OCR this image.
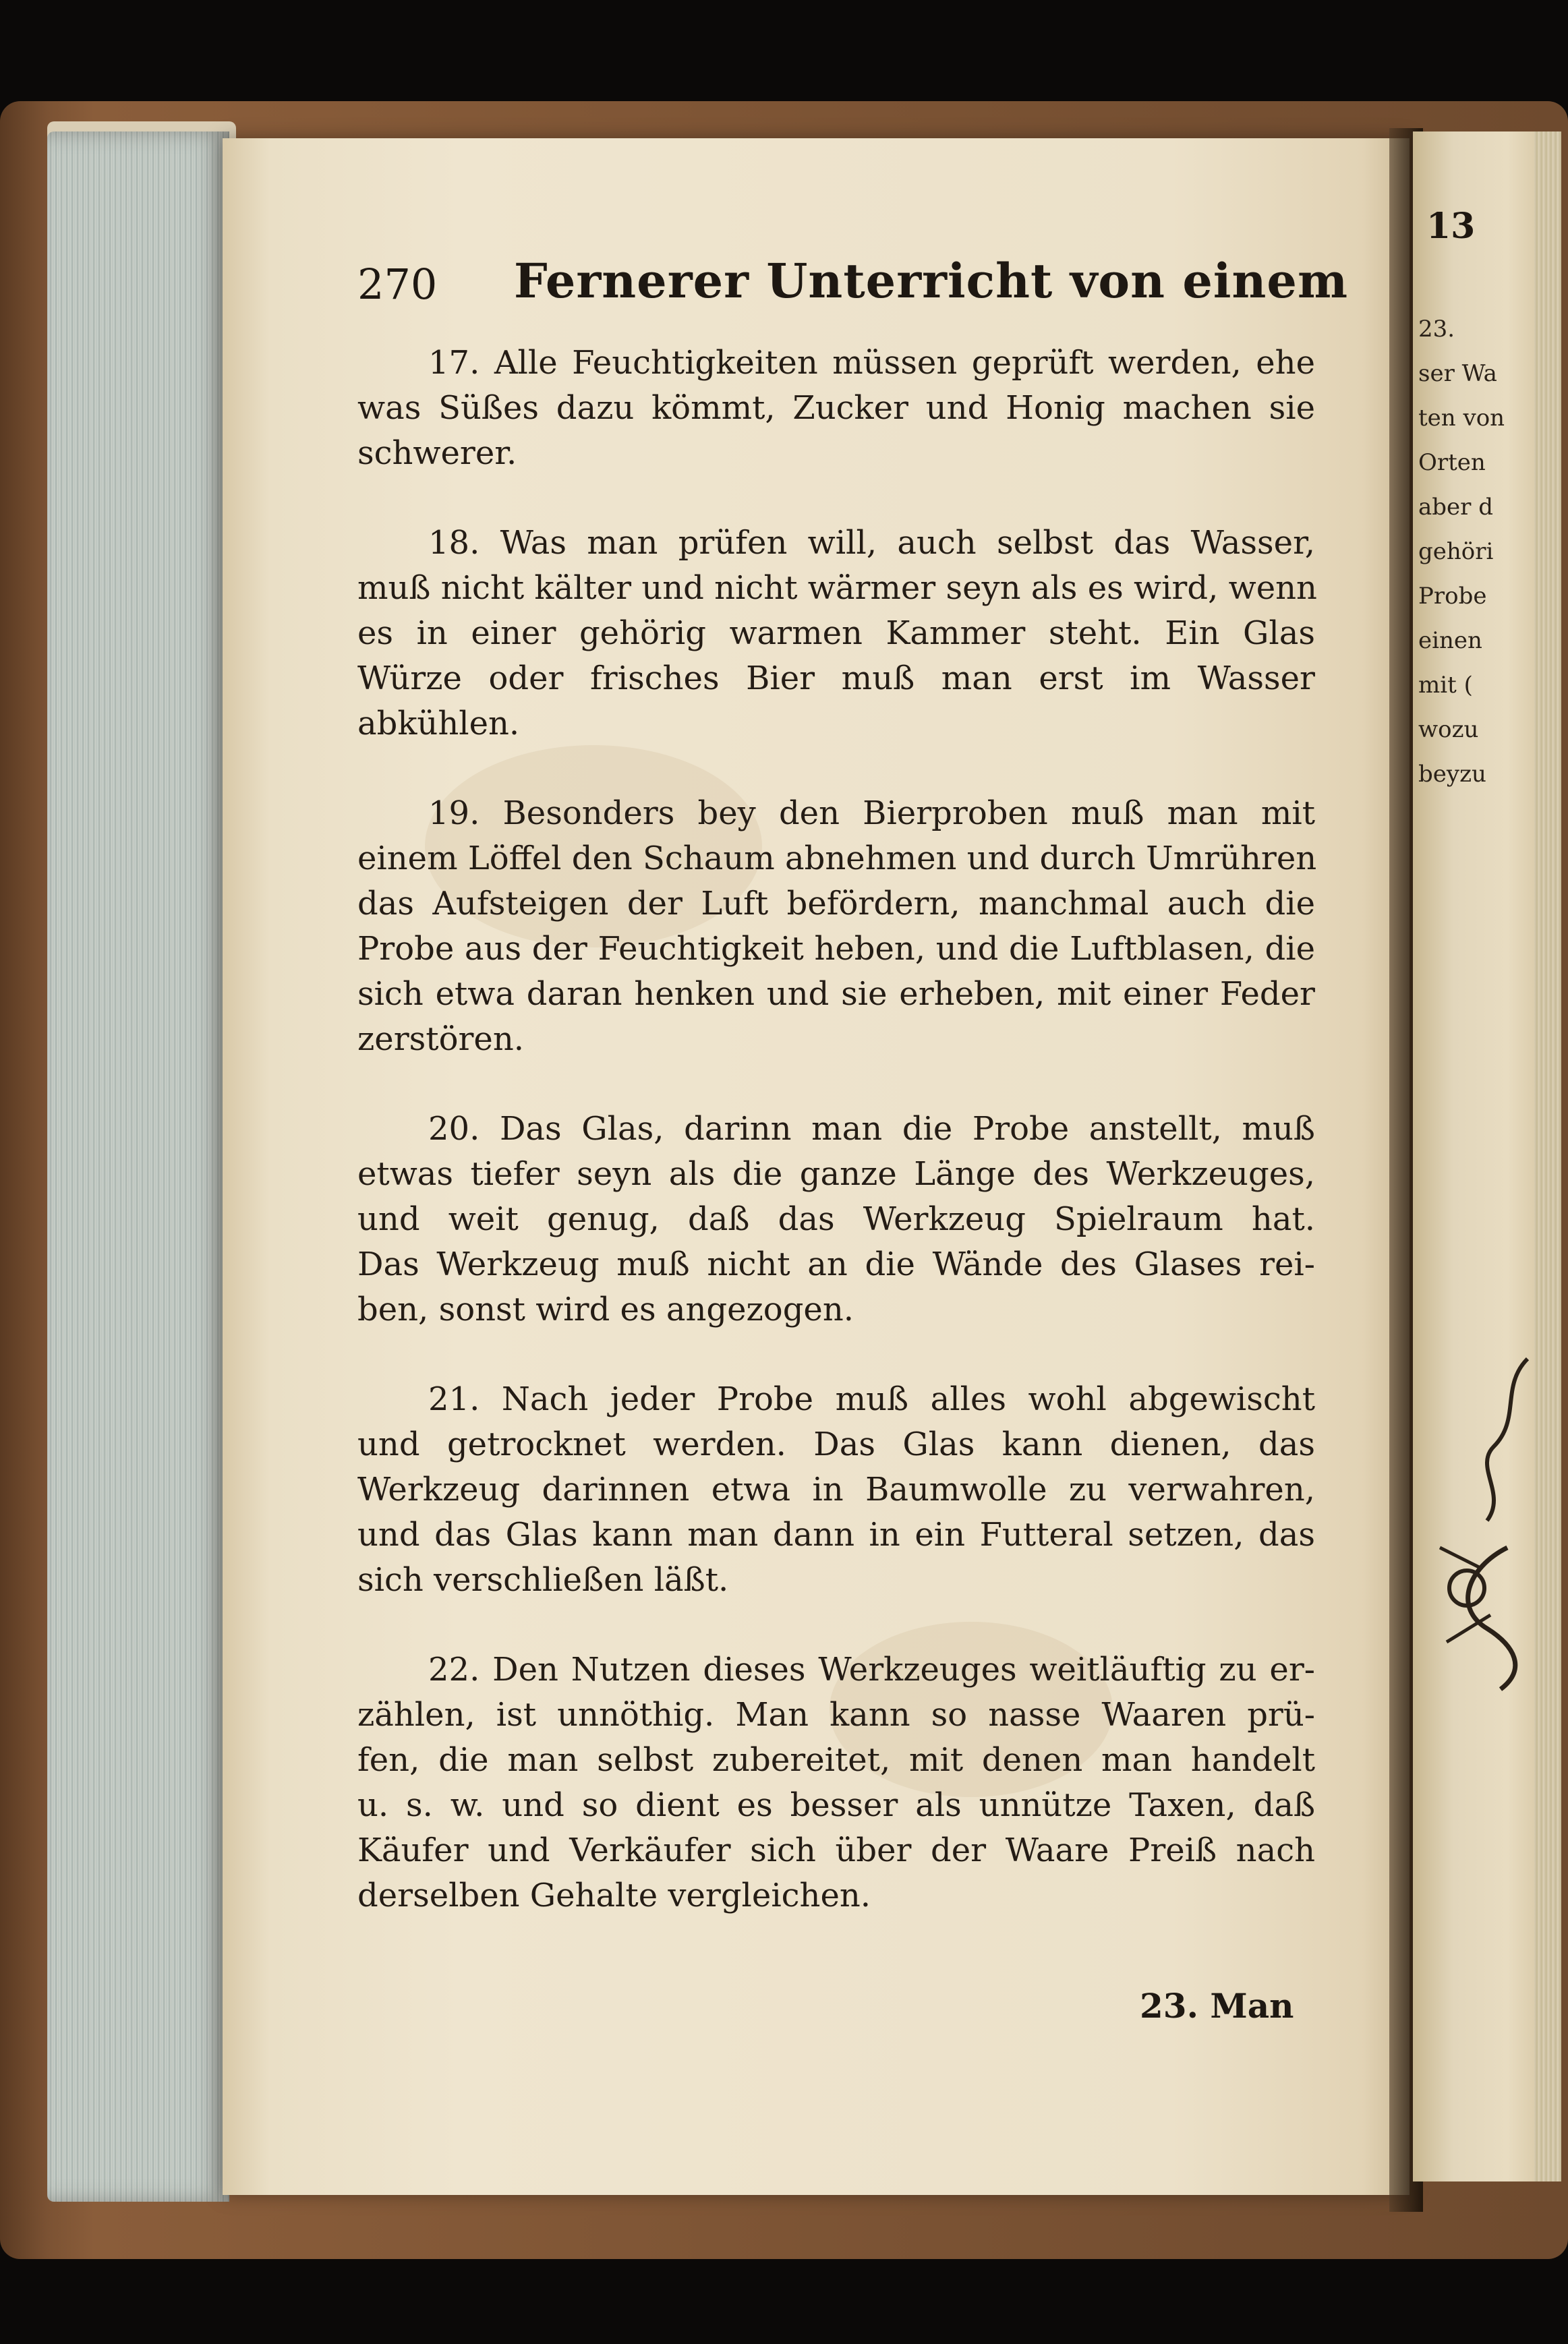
270 Fernerer Unterricht von einem
17. Alle Feuchtigkeiten müssen geprüft werden, ehe
was Süßes dazu kömmt, Zucker und Honig machen sie
schwerer.
18. Was man prüfen will, auch selbst das Wasser,
muß nicht kälter und nicht wärmer seyn als es wird, wenn
es in einer gehörig warmen Kammer steht. Ein Glas
Würze oder frisches Bier muß man erst im Wasser
abkühlen.
19. Besonders bey den Bierproben muß man mit
einem Löffel den Schaum abnehmen und durch Umrühren
das Aufsteigen der Luft befördern, manchmal auch die
Probe aus der Feuchtigkeit heben, und die Luftblasen, die
sich etwa daran henken und sie erheben, mit einer Feder
zerstören.
20. Das Glas, darinn man die Probe anstellt, muß
etwas tiefer seyn als die ganze Länge des Werkzeuges,
und weit genug, daß das Werkzeug Spielraum hat.
Das Werkzeug muß nicht an die Wände des Glases rei-
ben, sonst wird es angezogen.
21. Nach jeder Probe muß alles wohl abgewischt
und getrocknet werden. Das Glas kann dienen, das
Werkzeug darinnen etwa in Baumwolle zu verwahren,
und das Glas kann man dann in ein Futteral setzen, das
sich verschließen läßt.
22. Den Nutzen dieses Werkzeuges weitläuftig zu er-
zählen, ist unnöthig. Man kann so nasse Waaren prü-
fen, die man selbst zubereitet, mit denen man handelt
u. s. w. und so dient es besser als unnütze Taxen, daß
Käufer und Verkäufer sich über der Waare Preiß nach
derselben Gehalte vergleichen.
23. Man
13
23.
ser Wa
ten von
Orten
aber d
gehöri
Probe
einen
mit (
wozu
beyzu
